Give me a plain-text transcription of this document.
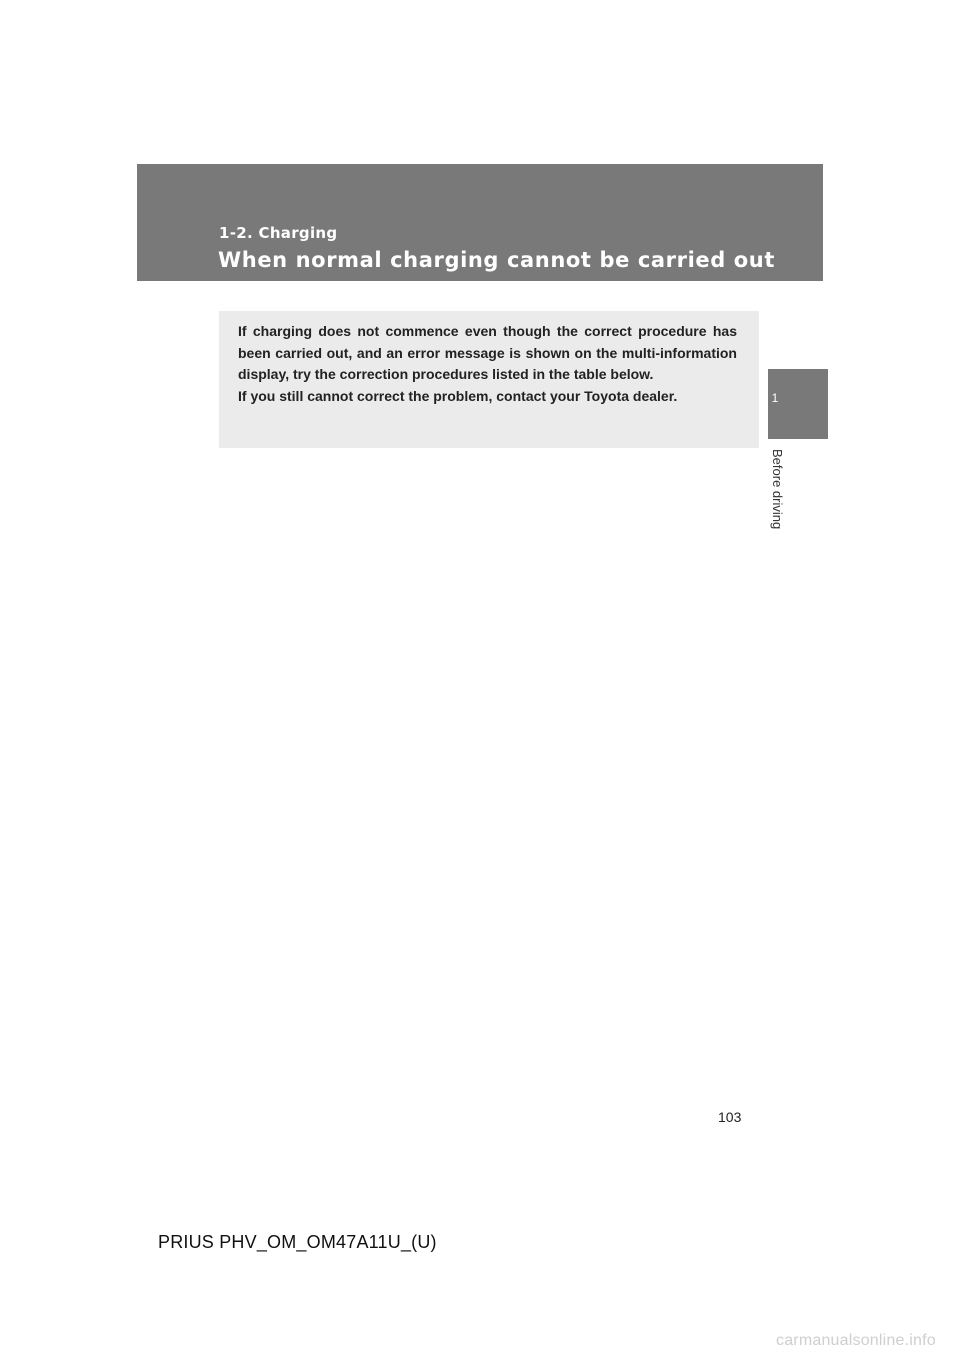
1-2. Charging
When normal charging cannot be carried out

If charging does not commence even though the correct procedure has been carried out, and an error message is shown on the multi-information display, try the correction procedures listed in the table below.

If you still cannot correct the problem, contact your Toyota dealer.	1
Before driving
103
PRIUS PHV_OM_OM47A11U_(U)
carmanualsonline.info
